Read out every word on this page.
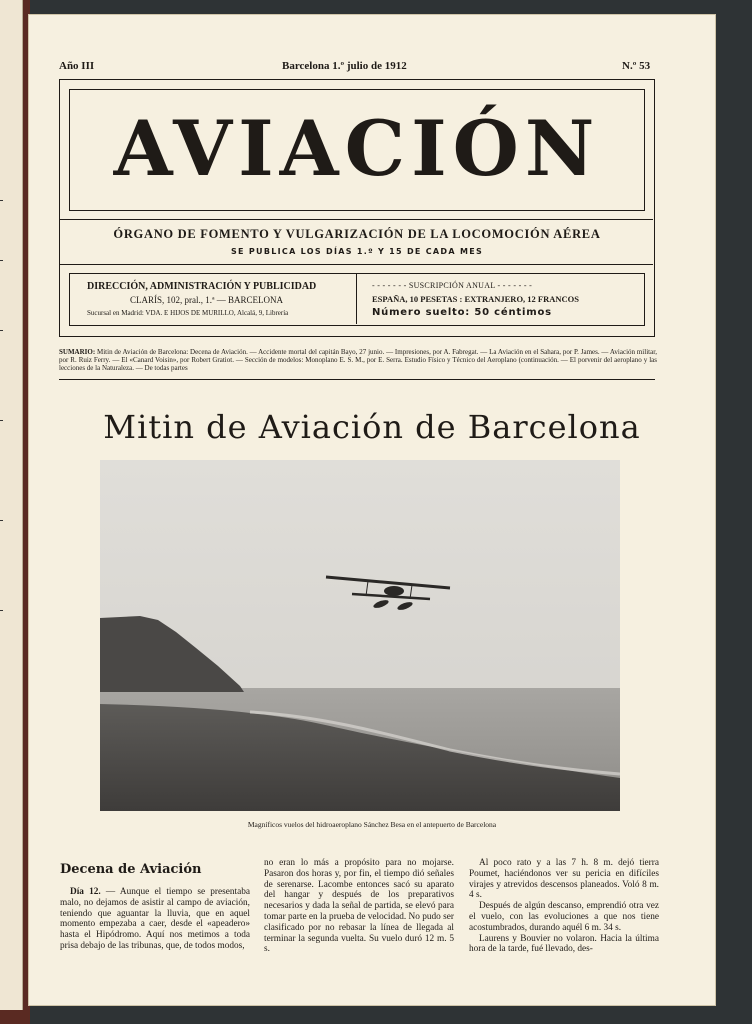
Año III	Barcelona 1.º julio de 1912	N.º 53
AVIACIÓN
ÓRGANO DE FOMENTO Y VULGARIZACIÓN DE LA LOCOMOCIÓN AÉREA
SE PUBLICA LOS DÍAS 1.º Y 15 DE CADA MES
DIRECCIÓN, ADMINISTRACIÓN Y PUBLICIDAD
CLARÍS, 102, pral., 1.ª — BARCELONA
Sucursal en Madrid: VDA. E HIJOS DE MURILLO, Alcalá, 9, Librería
- - - - - - - SUSCRIPCIÓN ANUAL - - - - - - -
ESPAÑA, 10 PESETAS : EXTRANJERO, 12 FRANCOS
Número suelto: 50 céntimos
SUMARIO: Mitin de Aviación de Barcelona: Decena de Aviación. — Accidente mortal del capitán Bayo, 27 junio. — Impresiones, por A. Fabregat. — La Aviación en el Sahara, por P. James. — Aviación militar, por R. Ruiz Ferry. — El «Canard Voisin», por Robert Gratiot. — Sección de modelos: Monoplano E. S. M., por E. Serra. Estudio Físico y Técnico del Aeroplano (continuación. — El porvenir del aeroplano y las lecciones de la Naturaleza. — De todas partes
Mitin de Aviación de Barcelona
Magníficos vuelos del hidroaeroplano Sánchez Besa en el antepuerto de Barcelona
Decena de Aviación

Día 12. — Aunque el tiempo se presentaba malo, no dejamos de asistir al campo de aviación, teniendo que aguantar la lluvia, que en aquel momento empezaba a caer, desde el «apeadero» hasta el Hipódromo. Aquí nos metimos a toda prisa debajo de las tribunas, que, de todos modos,

no eran lo más a propósito para no mojarse. Pasaron dos horas y, por fin, el tiempo dió señales de serenarse. Lacombe entonces sacó su aparato del hangar y después de los preparativos necesarios y dada la señal de partida, se elevó para tomar parte en la prueba de velocidad. No pudo ser clasificado por no rebasar la línea de llegada al terminar la segunda vuelta. Su vuelo duró 12 m. 5 s.

Al poco rato y a las 7 h. 8 m. dejó tierra Poumet, haciéndonos ver su pericia en difíciles virajes y atrevidos descensos planeados. Voló 8 m. 4 s.

Después de algún descanso, emprendió otra vez el vuelo, con las evoluciones a que nos tiene acostumbrados, durando aquél 6 m. 34 s.

Laurens y Bouvier no volaron. Hacia la última hora de la tarde, fué llevado, des-
